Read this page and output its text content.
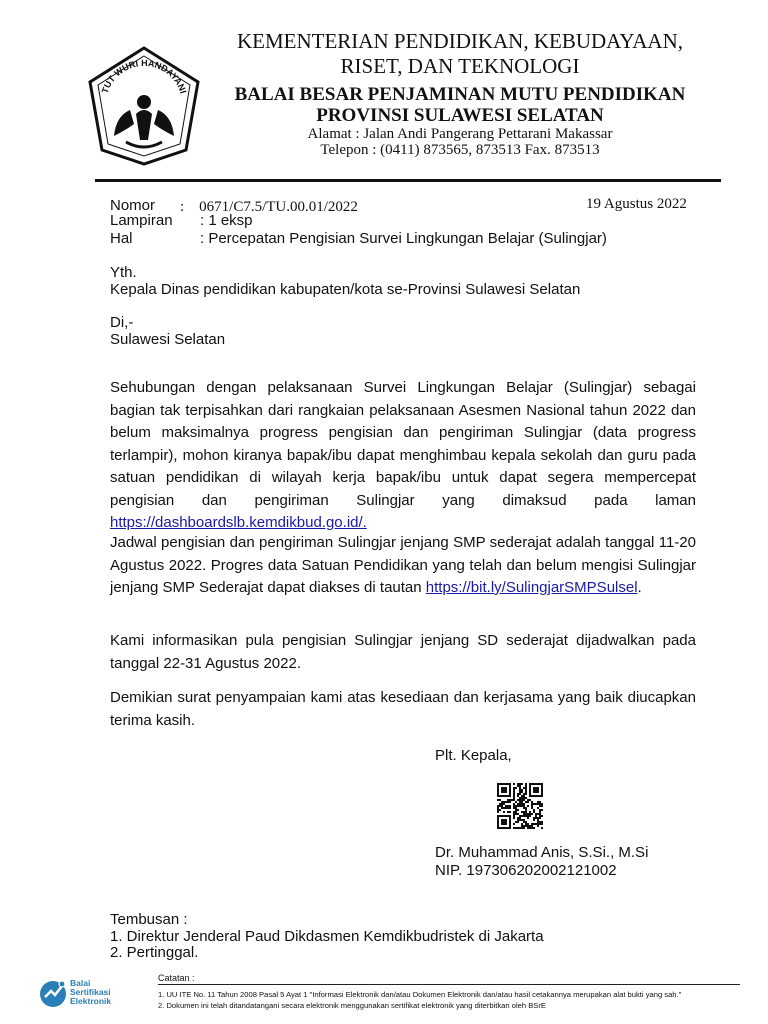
TUT WURI HANDAYANI
KEMENTERIAN PENDIDIKAN, KEBUDAYAAN,
RISET, DAN TEKNOLOGI
BALAI BESAR PENJAMINAN MUTU PENDIDIKAN
PROVINSI SULAWESI SELATAN
Alamat : Jalan Andi Pangerang Pettarani Makassar
Telepon : (0411) 873565, 873513 Fax. 873513
Nomor :    0671/C7.5/TU.00.01/2022	19 Agustus 2022
Lampiran : 1 eksp
Hal	: Percepatan Pengisian Survei Lingkungan Belajar (Sulingjar)
Yth.
Kepala Dinas pendidikan kabupaten/kota se-Provinsi Sulawesi Selatan
Di,-
Sulawesi Selatan
Sehubungan dengan pelaksanaan Survei Lingkungan Belajar (Sulingjar) sebagai bagian tak terpisahkan dari rangkaian pelaksanaan Asesmen Nasional tahun 2022 dan belum maksimalnya progress pengisian dan pengiriman Sulingjar (data progress terlampir), mohon kiranya bapak/ibu dapat menghimbau kepala sekolah dan guru pada satuan pendidikan di wilayah kerja bapak/ibu untuk dapat segera mempercepat pengisian dan pengiriman Sulingjar yang dimaksud pada laman https://dashboardslb.kemdikbud.go.id/.
Jadwal pengisian dan pengiriman Sulingjar jenjang SMP sederajat adalah tanggal 11-20 Agustus 2022. Progres data Satuan Pendidikan yang telah dan belum mengisi Sulingjar jenjang SMP Sederajat dapat diakses di tautan https://bit.ly/SulingjarSMPSulsel.
Kami informasikan pula pengisian Sulingjar jenjang SD sederajat dijadwalkan pada tanggal 22-31 Agustus 2022.
Demikian surat penyampaian kami atas kesediaan dan kerjasama yang baik diucapkan terima kasih.
Plt. Kepala,
Dr. Muhammad Anis, S.Si., M.Si
NIP. 197306202002121002
Tembusan :
1. Direktur Jenderal Paud Dikdasmen Kemdikbudristek di Jakarta
2. Pertinggal.
Balai
Sertifikasi
Elektronik
Catatan :
1. UU ITE No. 11 Tahun 2008 Pasal 5 Ayat 1 "Informasi Elektronik dan/atau Dokumen Elektronik dan/atau hasil cetakannya merupakan alat bukti yang sah."
2. Dokumen ini telah ditandatangani secara elektronik menggunakan sertifikat elektronik yang diterbitkan oleh BSrE
